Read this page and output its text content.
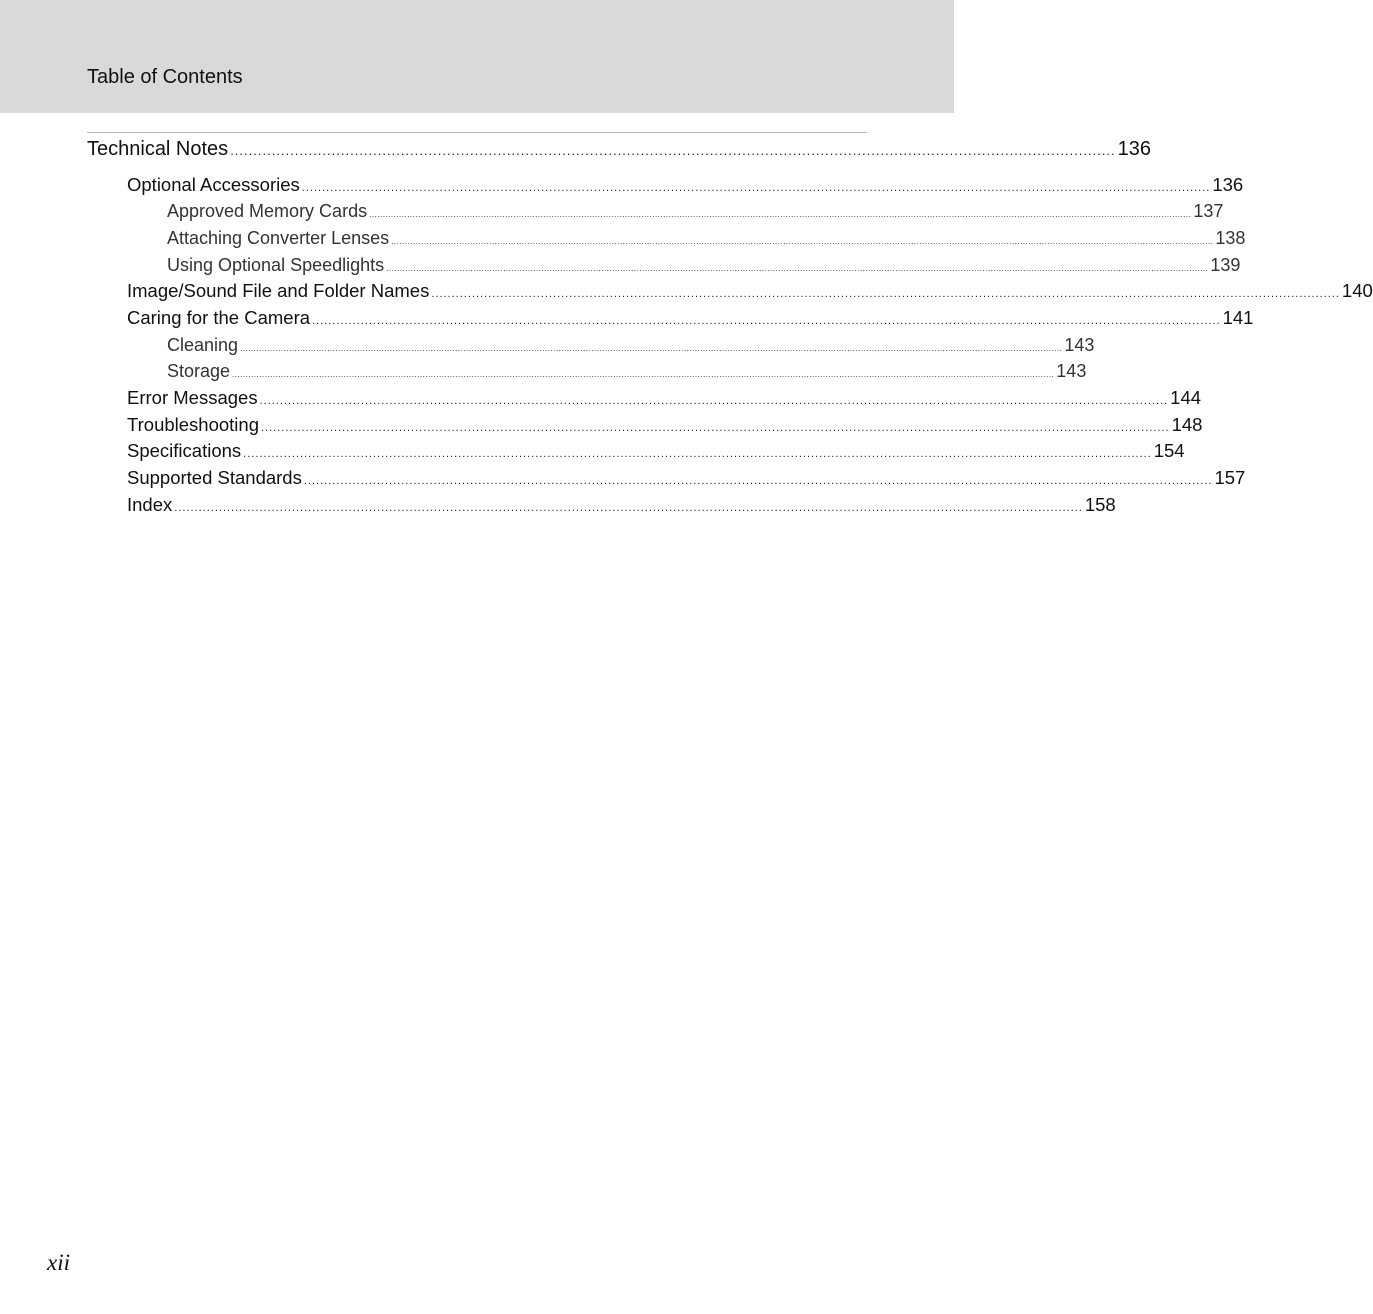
Table of Contents
Technical Notes ................................................................................................................................................................................................ 136
Optional Accessories ................................................................................................................................................................................................................................ 136
Approved Memory Cards .............................................................................................................................................................................................................................................................................................................. 137
Attaching Converter Lenses .............................................................................................................................................................................................................................................................................................................. 138
Using Optional Speedlights .............................................................................................................................................................................................................................................................................................................. 139
Image/Sound File and Folder Names ................................................................................................................................................................................................................................ 140
Caring for the Camera ................................................................................................................................................................................................................................ 141
Cleaning .............................................................................................................................................................................................................................................................................................................. 143
Storage .............................................................................................................................................................................................................................................................................................................. 143
Error Messages ................................................................................................................................................................................................................................ 144
Troubleshooting ................................................................................................................................................................................................................................ 148
Specifications ................................................................................................................................................................................................................................ 154
Supported Standards ................................................................................................................................................................................................................................ 157
Index ................................................................................................................................................................................................................................ 158
xii
